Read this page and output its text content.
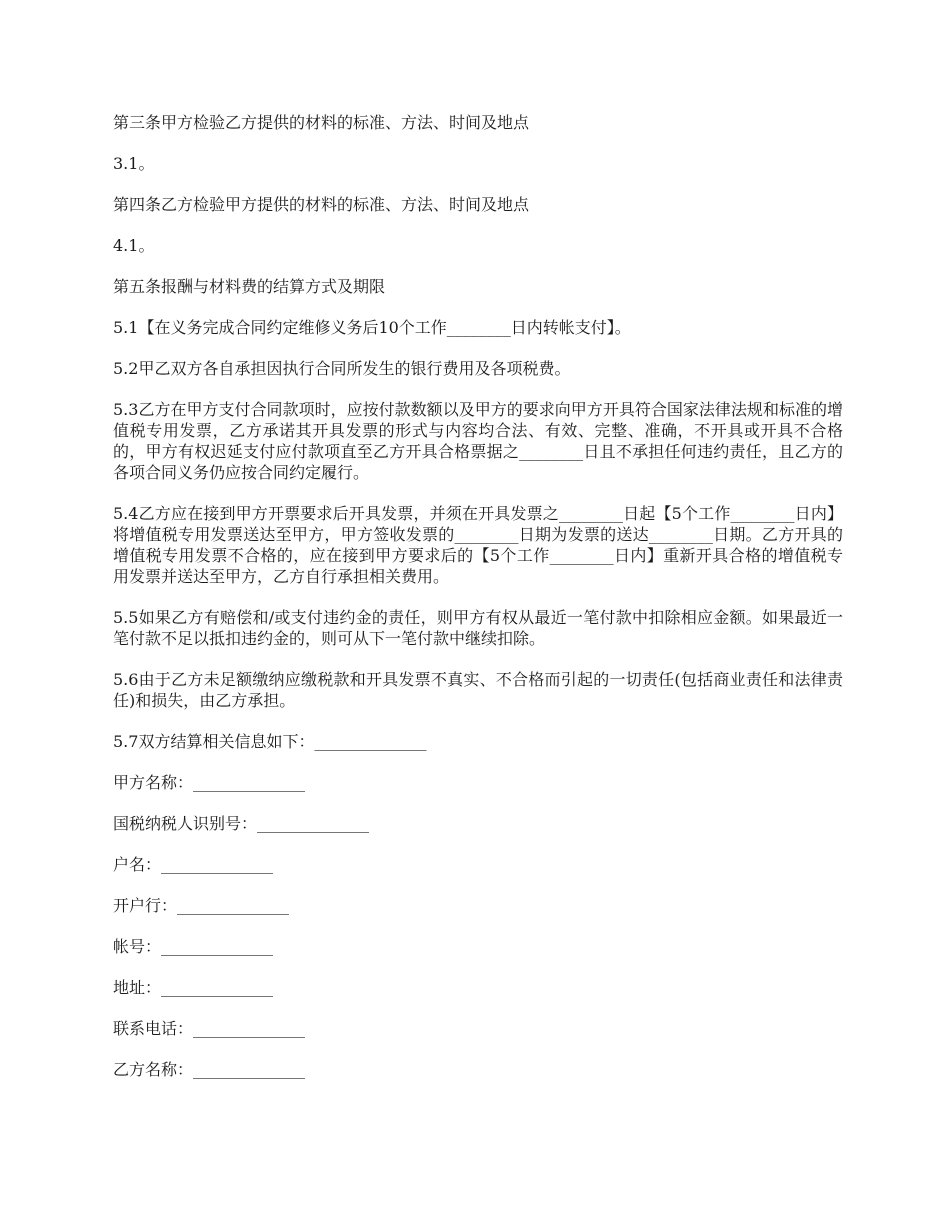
第三条甲方检验乙方提供的材料的标准、方法、时间及地点

3.1。

第四条乙方检验甲方提供的材料的标准、方法、时间及地点

4.1。

第五条报酬与材料费的结算方式及期限

5.1【在义务完成合同约定维修义务后10个工作________日内转帐支付】。

5.2甲乙双方各自承担因执行合同所发生的银行费用及各项税费。

5.3乙方在甲方支付合同款项时，应按付款数额以及甲方的要求向甲方开具符合国家法律法规和标准的增值税专用发票，乙方承诺其开具发票的形式与内容均合法、有效、完整、准确，不开具或开具不合格的，甲方有权迟延支付应付款项直至乙方开具合格票据之________日且不承担任何违约责任，且乙方的各项合同义务仍应按合同约定履行。

5.4乙方应在接到甲方开票要求后开具发票，并须在开具发票之________日起【5个工作________日内】将增值税专用发票送达至甲方，甲方签收发票的________日期为发票的送达________日期。乙方开具的增值税专用发票不合格的，应在接到甲方要求后的【5个工作________日内】重新开具合格的增值税专用发票并送达至甲方，乙方自行承担相关费用。

5.5如果乙方有赔偿和/或支付违约金的责任，则甲方有权从最近一笔付款中扣除相应金额。如果最近一笔付款不足以抵扣违约金的，则可从下一笔付款中继续扣除。

5.6由于乙方未足额缴纳应缴税款和开具发票不真实、不合格而引起的一切责任(包括商业责任和法律责任)和损失，由乙方承担。

5.7双方结算相关信息如下：______________

甲方名称：______________

国税纳税人识别号：______________

户名：______________

开户行：______________

帐号：______________

地址：______________

联系电话：______________

乙方名称：______________
